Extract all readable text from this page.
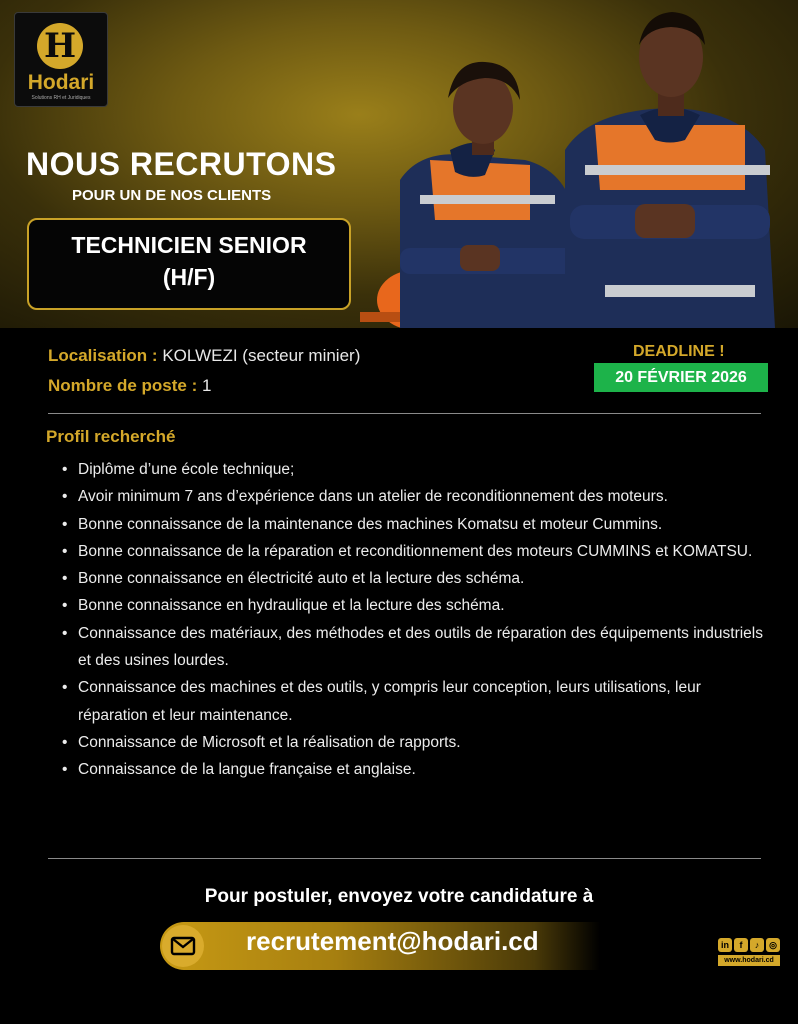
H
Hodari
Solutions RH et Juridiques
NOUS RECRUTONS
POUR UN DE NOS CLIENTS
TECHNICIEN SENIOR
(H/F)
Localisation : KOLWEZI (secteur minier)
Nombre de poste : 1
DEADLINE !
20 FÉVRIER 2026
Profil recherché
• Diplôme d’une école technique;
• Avoir minimum 7 ans d’expérience dans un atelier de reconditionnement des moteurs.
• Bonne connaissance de la maintenance des machines Komatsu et moteur Cummins.
• Bonne connaissance de la réparation et reconditionnement des moteurs CUMMINS et KOMATSU.
• Bonne connaissance en électricité auto et la lecture des schéma.
• Bonne connaissance en hydraulique et la lecture des schéma.
• Connaissance des matériaux, des méthodes et des outils de réparation des équipements industriels et des usines lourdes.
• Connaissance des machines et des outils, y compris leur conception, leurs utilisations, leur réparation et leur maintenance.
• Connaissance de Microsoft et la réalisation de rapports.
• Connaissance de la langue française et anglaise.
Pour postuler, envoyez votre candidature à
recrutement@hodari.cd	in	f	♪	◎
www.hodari.cd
